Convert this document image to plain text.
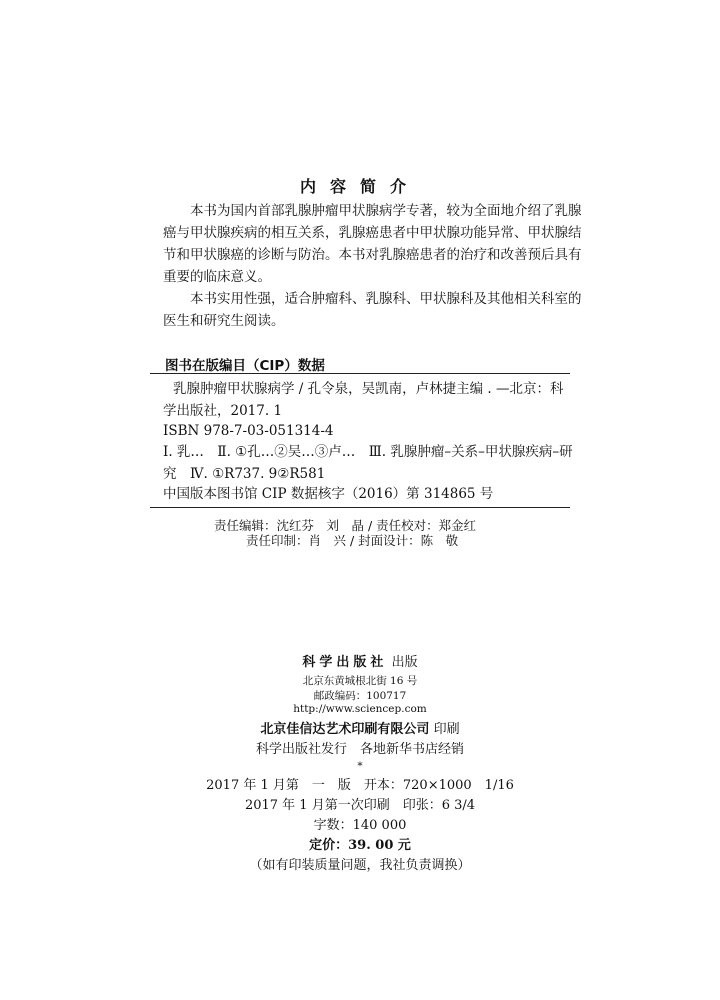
内容简介
本书为国内首部乳腺肿瘤甲状腺病学专著，较为全面地介绍了乳腺癌与甲状腺疾病的相互关系，乳腺癌患者中甲状腺功能异常、甲状腺结节和甲状腺癌的诊断与防治。本书对乳腺癌患者的治疗和改善预后具有重要的临床意义。
本书实用性强，适合肿瘤科、乳腺科、甲状腺科及其他相关科室的医生和研究生阅读。
图书在版编目（CIP）数据
乳腺肿瘤甲状腺病学 / 孔令泉，吴凯南，卢林捷主编 . —北京：科学出版社，2017. 1
ISBN 978-7-03-051314-4
Ⅰ. 乳…　Ⅱ. ①孔…②吴…③卢…　Ⅲ. 乳腺肿瘤–关系–甲状腺疾病–研究　Ⅳ. ①R737. 9②R581
中国版本图书馆 CIP 数据核字（2016）第 314865 号
责任编辑：沈红芬　刘　晶 / 责任校对：郑金红
责任印制：肖　兴 / 封面设计：陈　敬
科学出版社 出版
北京东黄城根北街 16 号
邮政编码：100717
http://www.sciencep.com
北京佳信达艺术印刷有限公司 印刷
科学出版社发行　各地新华书店经销
*
2017 年 1 月第　一　版　开本：720×1000　1/16
2017 年 1 月第一次印刷　印张：6 3/4
字数：140 000
定价：39. 00 元
（如有印装质量问题，我社负责调换）
